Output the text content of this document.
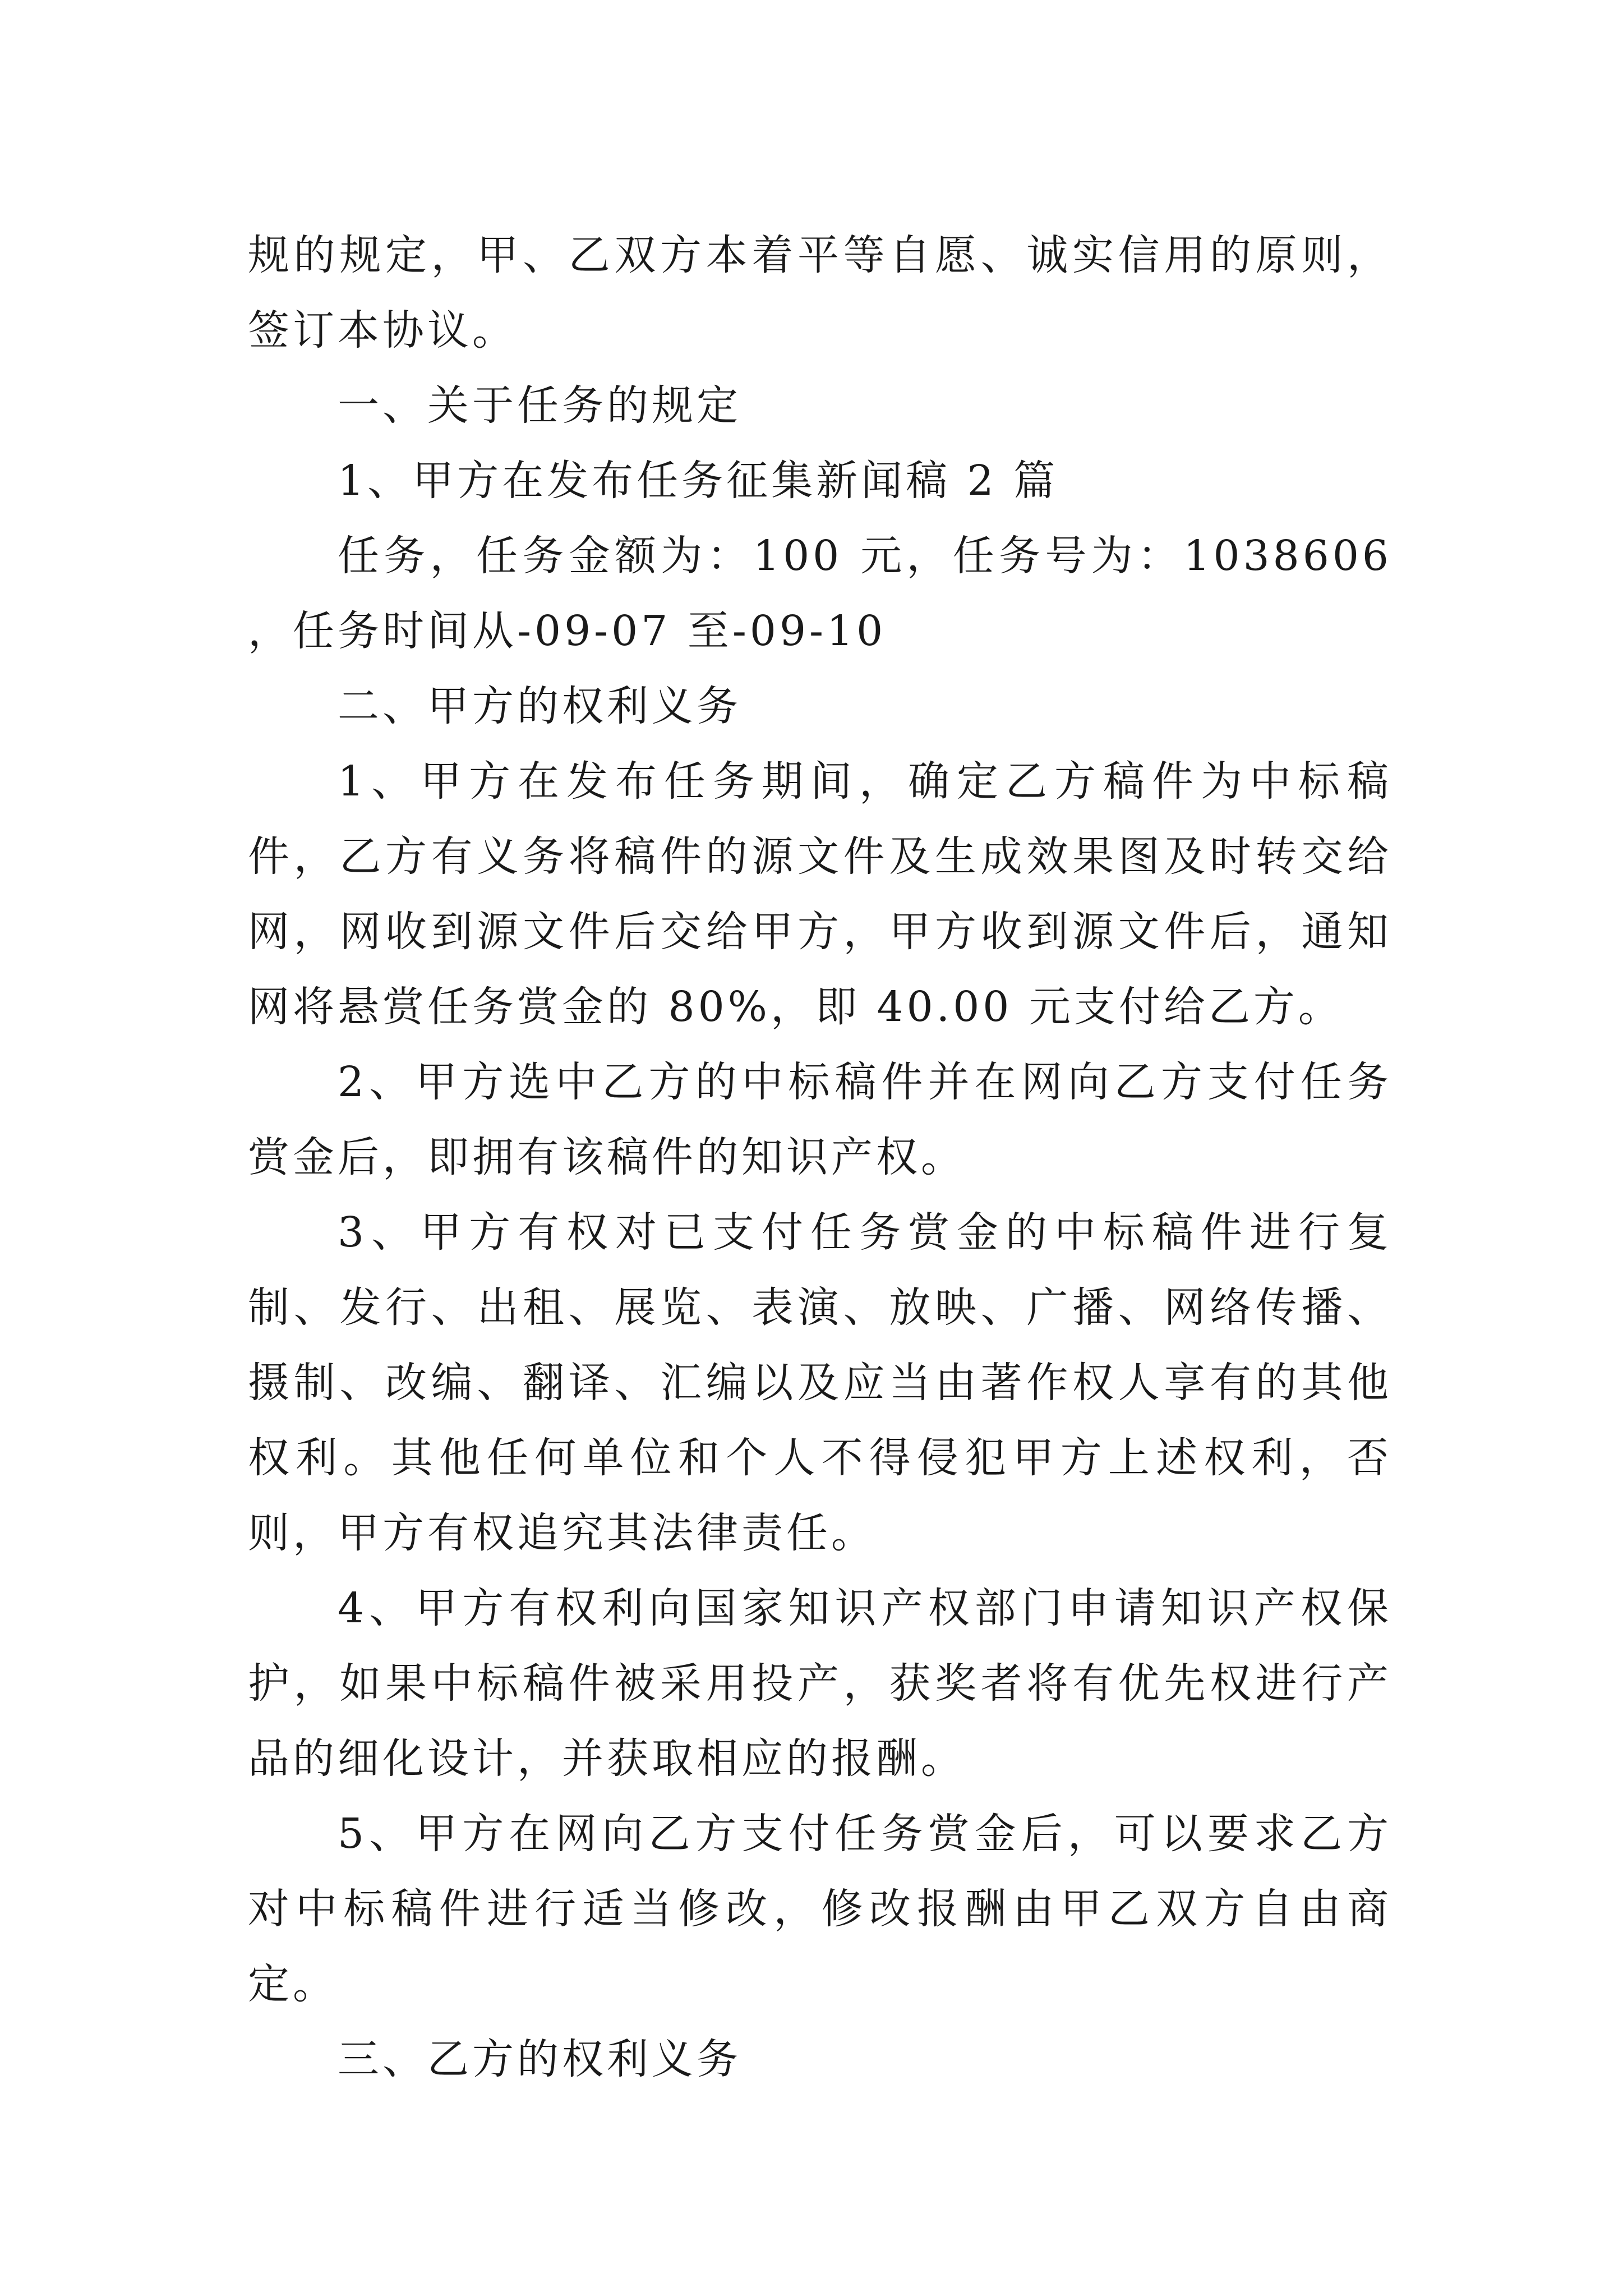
规的规定，甲、乙双方本着平等自愿、诚实信用的原则，签订本协议。

一、关于任务的规定

1、甲方在发布任务征集新闻稿 2 篇

任务，任务金额为：100 元，任务号为：1038606 ，任务时间从-09-07 至-09-10

二、甲方的权利义务

1、甲方在发布任务期间，确定乙方稿件为中标稿件，乙方有义务将稿件的源文件及生成效果图及时转交给网，网收到源文件后交给甲方，甲方收到源文件后，通知网将悬赏任务赏金的 80%，即 40.00 元支付给乙方。

2、甲方选中乙方的中标稿件并在网向乙方支付任务赏金后，即拥有该稿件的知识产权。

3、甲方有权对已支付任务赏金的中标稿件进行复制、发行、出租、展览、表演、放映、广播、网络传播、摄制、改编、翻译、汇编以及应当由著作权人享有的其他权利。其他任何单位和个人不得侵犯甲方上述权利，否则，甲方有权追究其法律责任。

4、甲方有权利向国家知识产权部门申请知识产权保护，如果中标稿件被采用投产，获奖者将有优先权进行产品的细化设计，并获取相应的报酬。

5、甲方在网向乙方支付任务赏金后，可以要求乙方对中标稿件进行适当修改，修改报酬由甲乙双方自由商定。

三、乙方的权利义务
